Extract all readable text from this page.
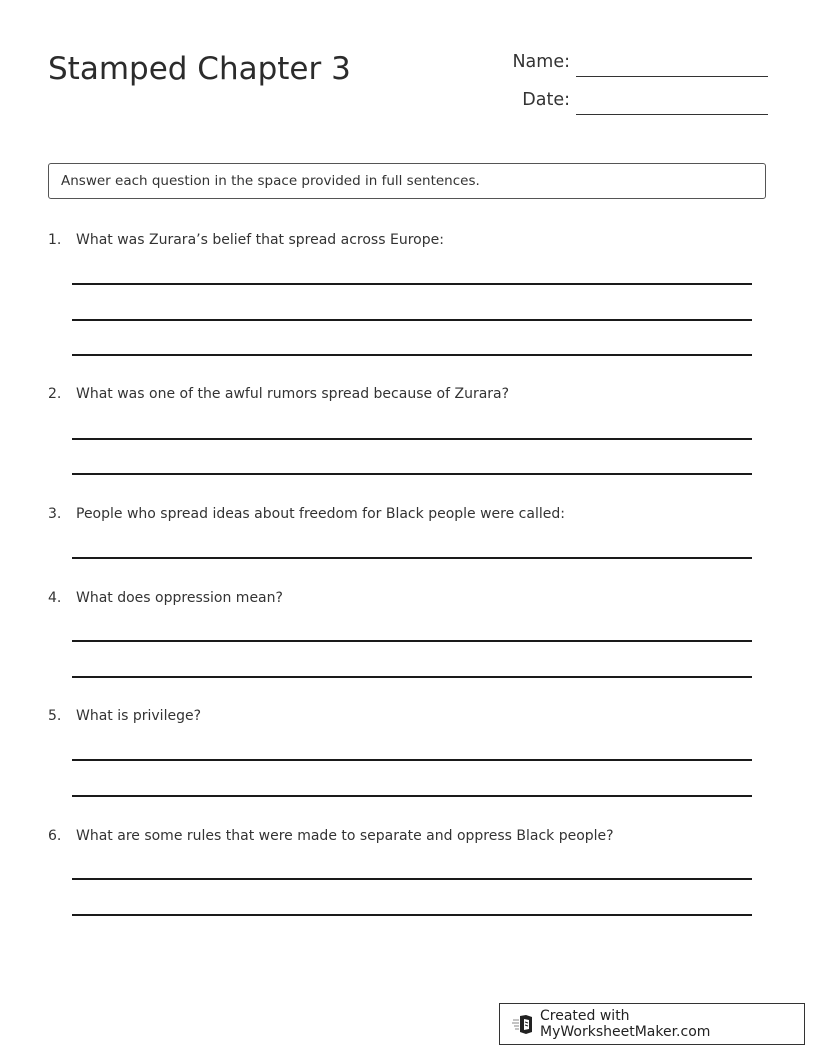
Stamped Chapter 3	Name:
Date:
Answer each question in the space provided in full sentences.
1. What was Zurara’s belief that spread across Europe:
2. What was one of the awful rumors spread because of Zurara?
3. People who spread ideas about freedom for Black people were called:
4. What does oppression mean?
5. What is privilege?
6. What are some rules that were made to separate and oppress Black people?
Created with MyWorksheetMaker.com
